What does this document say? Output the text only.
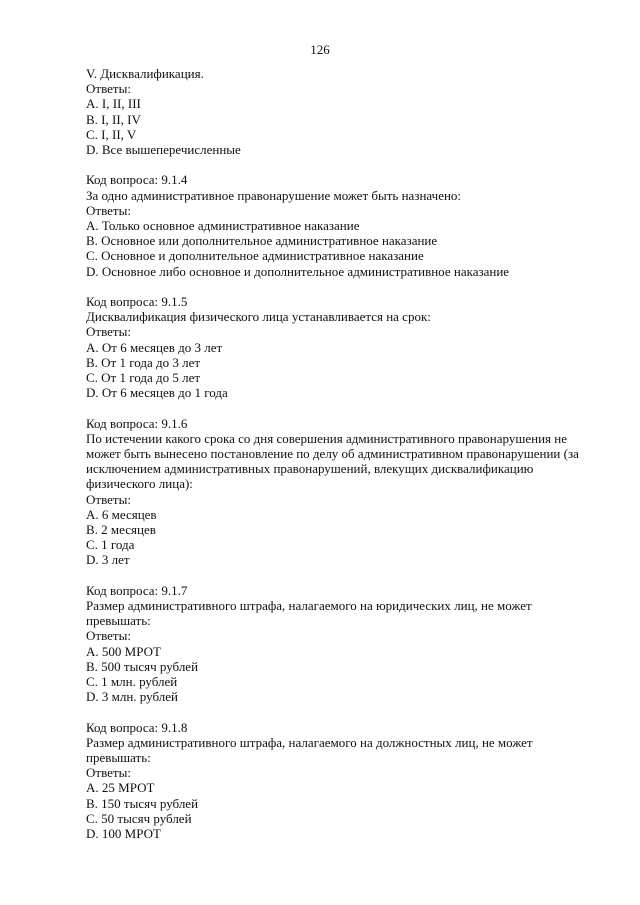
126
V. Дисквалификация.
Ответы:
A. I, II, III
B. I, II, IV
C. I, II, V
D. Все вышеперечисленные
Код вопроса: 9.1.4
За одно административное правонарушение может быть назначено:
Ответы:
A. Только основное административное наказание
B. Основное или дополнительное административное наказание
C. Основное и дополнительное административное наказание
D. Основное либо основное и дополнительное административное наказание
Код вопроса: 9.1.5
Дисквалификация физического лица устанавливается на срок:
Ответы:
A. От 6 месяцев до 3 лет
B. От 1 года до 3 лет
C. От 1 года до 5 лет
D. От 6 месяцев до 1 года
Код вопроса: 9.1.6
По истечении какого срока со дня совершения административного правонарушения не может быть вынесено постановление по делу об административном правонарушении (за исключением административных правонарушений, влекущих дисквалификацию физического лица):
Ответы:
A. 6 месяцев
B. 2 месяцев
C. 1 года
D. 3 лет
Код вопроса: 9.1.7
Размер административного штрафа, налагаемого на юридических лиц, не может превышать:
Ответы:
A. 500 МРОТ
B. 500 тысяч рублей
C. 1 млн. рублей
D. 3 млн. рублей
Код вопроса: 9.1.8
Размер административного штрафа, налагаемого на должностных лиц, не может превышать:
Ответы:
A. 25 МРОТ
B. 150 тысяч рублей
C. 50 тысяч рублей
D. 100 МРОТ
